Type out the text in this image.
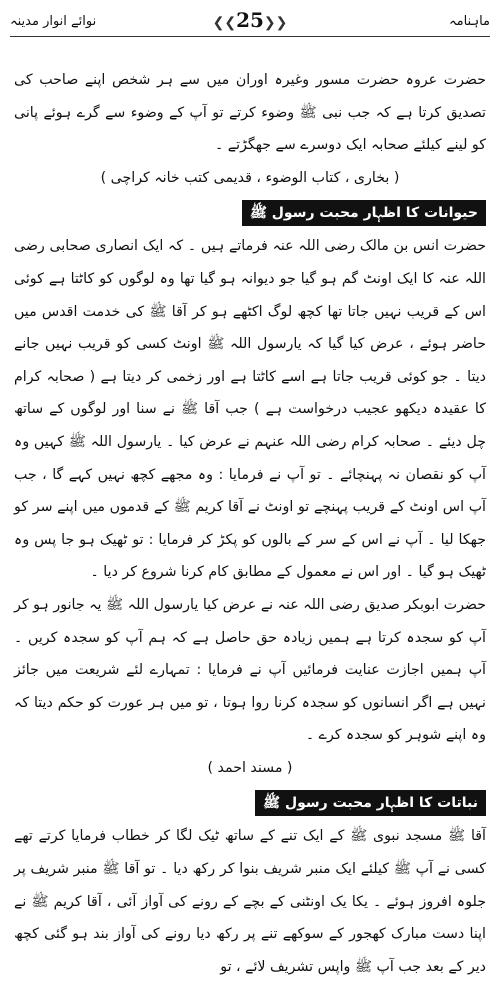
نوائے انوار مدینہ	❮❮25❯❯	ماہنامہ

حضرت عروہ حضرت مسور وغیرہ اوران میں سے ہر شخص اپنے صاحب کی تصدیق کرتا ہے کہ جب نبی ﷺ وضوء کرتے تو آپ کے وضوء سے گرے ہوئے پانی کو لینے کیلئے صحابہ ایک دوسرے سے جھگڑتے ۔

( بخاری ، کتاب الوضوء ، قدیمی کتب خانہ کراچی )

حیوانات کا اظہار محبت رسول ﷺ

حضرت انس بن مالک رضی اللہ عنہ فرماتے ہیں ۔ کہ ایک انصاری صحابی رضی اللہ عنہ کا ایک اونٹ گم ہو گیا جو دیوانہ ہو گیا تھا وہ لوگوں کو کاٹتا ہے کوئی اس کے قریب نہیں جاتا تھا کچھ لوگ اکٹھے ہو کر آقا ﷺ کی خدمت اقدس میں حاضر ہوئے ، عرض کیا گیا کہ یارسول اللہ ﷺ اونٹ کسی کو قریب نہیں جانے دیتا ۔ جو کوئی قریب جاتا ہے اسے کاٹتا ہے اور زخمی کر دیتا ہے ( صحابہ کرام کا عقیدہ دیکھو عجیب درخواست ہے ) جب آقا ﷺ نے سنا اور لوگوں کے ساتھ چل دیئے ۔ صحابہ کرام رضی اللہ عنہم نے عرض کیا ۔ یارسول اللہ ﷺ کہیں وہ آپ کو نقصان نہ پہنچائے ۔ تو آپ نے فرمایا : وہ مجھے کچھ نہیں کہے گا ، جب آپ اس اونٹ کے قریب پہنچے تو اونٹ نے آقا کریم ﷺ کے قدموں میں اپنے سر کو جھکا لیا ۔ آپ نے اس کے سر کے بالوں کو پکڑ کر فرمایا : تو ٹھیک ہو جا پس وہ ٹھیک ہو گیا ۔ اور اس نے معمول کے مطابق کام کرنا شروع کر دیا ۔

حضرت ابوبکر صدیق رضی اللہ عنہ نے عرض کیا یارسول اللہ ﷺ یہ جانور ہو کر آپ کو سجدہ کرتا ہے ہمیں زیادہ حق حاصل ہے کہ ہم آپ کو سجدہ کریں ۔ آپ ہمیں اجازت عنایت فرمائیں آپ نے فرمایا : تمہارے لئے شریعت میں جائز نہیں ہے اگر انسانوں کو سجدہ کرنا روا ہوتا ، تو میں ہر عورت کو حکم دیتا کہ وہ اپنے شوہر کو سجدہ کرے ۔

( مسند احمد )

نباتات کا اظہار محبت رسول ﷺ

آقا ﷺ مسجد نبوی ﷺ کے ایک تنے کے ساتھ ٹیک لگا کر خطاب فرمایا کرتے تھے کسی نے آپ ﷺ کیلئے ایک منبر شریف بنوا کر رکھ دیا ۔ تو آقا ﷺ منبر شریف پر جلوہ افروز ہوئے ۔ یکا یک اونٹنی کے بچے کے رونے کی آواز آئی ، آقا کریم ﷺ نے اپنا دست مبارک کھجور کے سوکھے تنے پر رکھ دیا رونے کی آواز بند ہو گئی کچھ دیر کے بعد جب آپ ﷺ واپس تشریف لائے ، تو
